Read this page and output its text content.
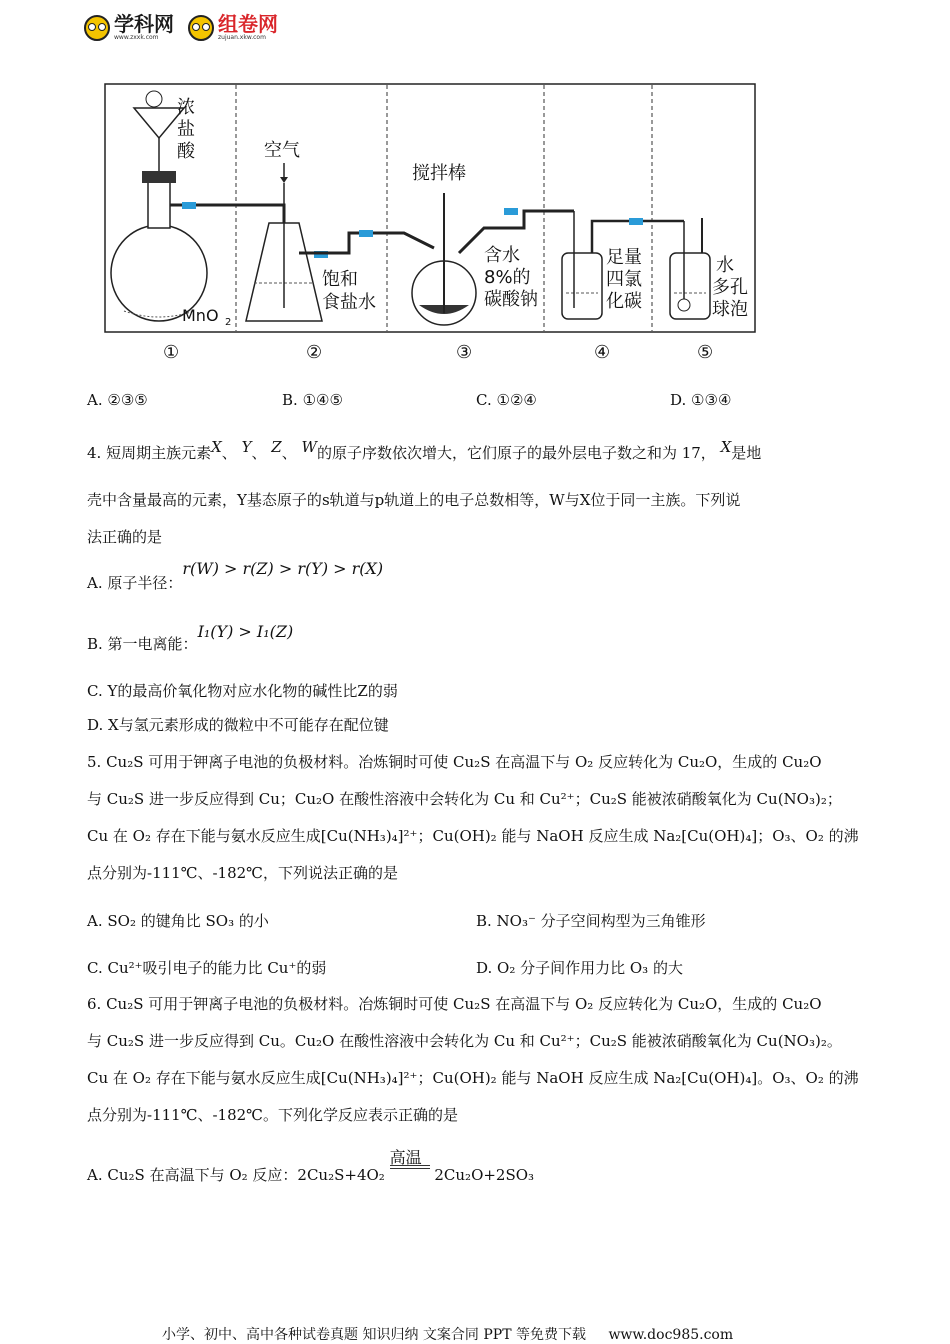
学科网
www.zxxk.com
组卷网
zujuan.xkw.com
浓
盐
酸	空气
搅拌棒
饱和
食盐水
含水
8%的
碳酸钠
足量
四氯
化碳
水
多孔
球泡
MnO 2
①	②	③	④	⑤
A. ②③⑤	B. ①④⑤	C. ①②④	D. ①③④
4. 短周期主族元素$^X$、 $^Y$、 $^Z$、 $^W$的原子序数依次增大，它们原子的最外层电子数之和为 17， $^X$是地
壳中含量最高的元素，Y基态原子的s轨道与p轨道上的电子总数相等，W与X位于同一主族。下列说
法正确的是
A. 原子半径：r(W) > r(Z) > r(Y) > r(X)
B. 第一电离能：I₁(Y) > I₁(Z)
C. Y的最高价氧化物对应水化物的碱性比Z的弱
D. X与氢元素形成的微粒中不可能存在配位键
5. Cu₂S 可用于钾离子电池的负极材料。冶炼铜时可使 Cu₂S 在高温下与 O₂ 反应转化为 Cu₂O，生成的 Cu₂O
与 Cu₂S 进一步反应得到 Cu；Cu₂O 在酸性溶液中会转化为 Cu 和 Cu²⁺；Cu₂S 能被浓硝酸氧化为 Cu(NO₃)₂；
Cu 在 O₂ 存在下能与氨水反应生成[Cu(NH₃)₄]²⁺；Cu(OH)₂ 能与 NaOH 反应生成 Na₂[Cu(OH)₄]；O₃、O₂ 的沸
点分别为-111℃、-182℃，下列说法正确的是
A. SO₂ 的键角比 SO₃ 的小	B. NO₃⁻ 分子空间构型为三角锥形
C. Cu²⁺吸引电子的能力比 Cu⁺的弱	D. O₂ 分子间作用力比 O₃ 的大
6. Cu₂S 可用于钾离子电池的负极材料。冶炼铜时可使 Cu₂S 在高温下与 O₂ 反应转化为 Cu₂O，生成的 Cu₂O
与 Cu₂S 进一步反应得到 Cu。Cu₂O 在酸性溶液中会转化为 Cu 和 Cu²⁺；Cu₂S 能被浓硝酸氧化为 Cu(NO₃)₂。
Cu 在 O₂ 存在下能与氨水反应生成[Cu(NH₃)₄]²⁺；Cu(OH)₂ 能与 NaOH 反应生成 Na₂[Cu(OH)₄]。O₃、O₂ 的沸
点分别为-111℃、-182℃。下列化学反应表示正确的是
A. Cu₂S 在高温下与 O₂ 反应：2Cu₂S+4O₂
高温
2Cu₂O+2SO₃
小学、初中、高中各种试卷真题 知识归纳 文案合同 PPT 等免费下载 www.doc985.com
